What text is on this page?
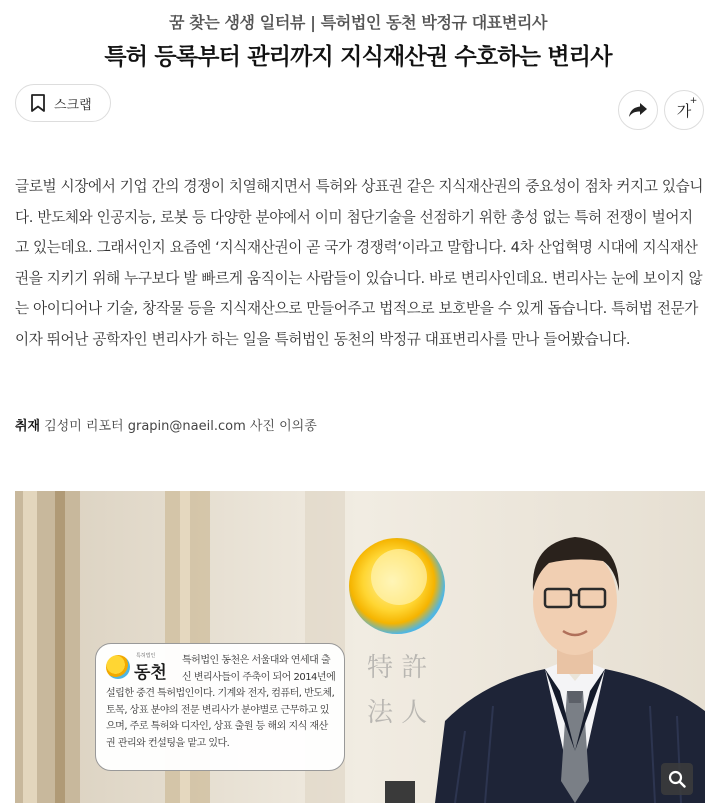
꿈 찾는 생생 일터뷰 | 특허법인 동천 박정규 대표변리사
특허 등록부터 관리까지 지식재산권 수호하는 변리사
스크랩	가
+

글로벌 시장에서 기업 간의 경쟁이 치열해지면서 특허와 상표권 같은 지식재산권의 중요성이 점차 커지고 있습니다. 반도체와 인공지능, 로봇 등 다양한 분야에서 이미 첨단기술을 선점하기 위한 총성 없는 특허 전쟁이 벌어지고 있는데요. 그래서인지 요즘엔 ‘지식재산권이 곧 국가 경쟁력’이라고 말합니다. 4차 산업혁명 시대에 지식재산권을 지키기 위해 누구보다 발 빠르게 움직이는 사람들이 있습니다. 바로 변리사인데요. 변리사는 눈에 보이지 않는 아이디어나 기술, 창작물 등을 지식재산으로 만들어주고 법적으로 보호받을 수 있게 돕습니다. 특허법 전문가이자 뛰어난 공학자인 변리사가 하는 일을 특허법인 동천의 박정규 대표변리사를 만나 들어봤습니다.

취재 김성미 리포터 grapin@naeil.com 사진 이의종
特 許
法 人
특허법인
동천
특허법인 동천은 서울대와 연세대 출신 변리사들이 주축이 되어 2014년에 설립한 중견 특허법인이다. 기계와 전자, 컴퓨터, 반도체, 토목, 상표 분야의 전문 변리사가 분야별로 근무하고 있으며, 주로 특허와 디자인, 상표 출원 등 해외 지식 재산권 관리와 컨설팅을 맡고 있다.
